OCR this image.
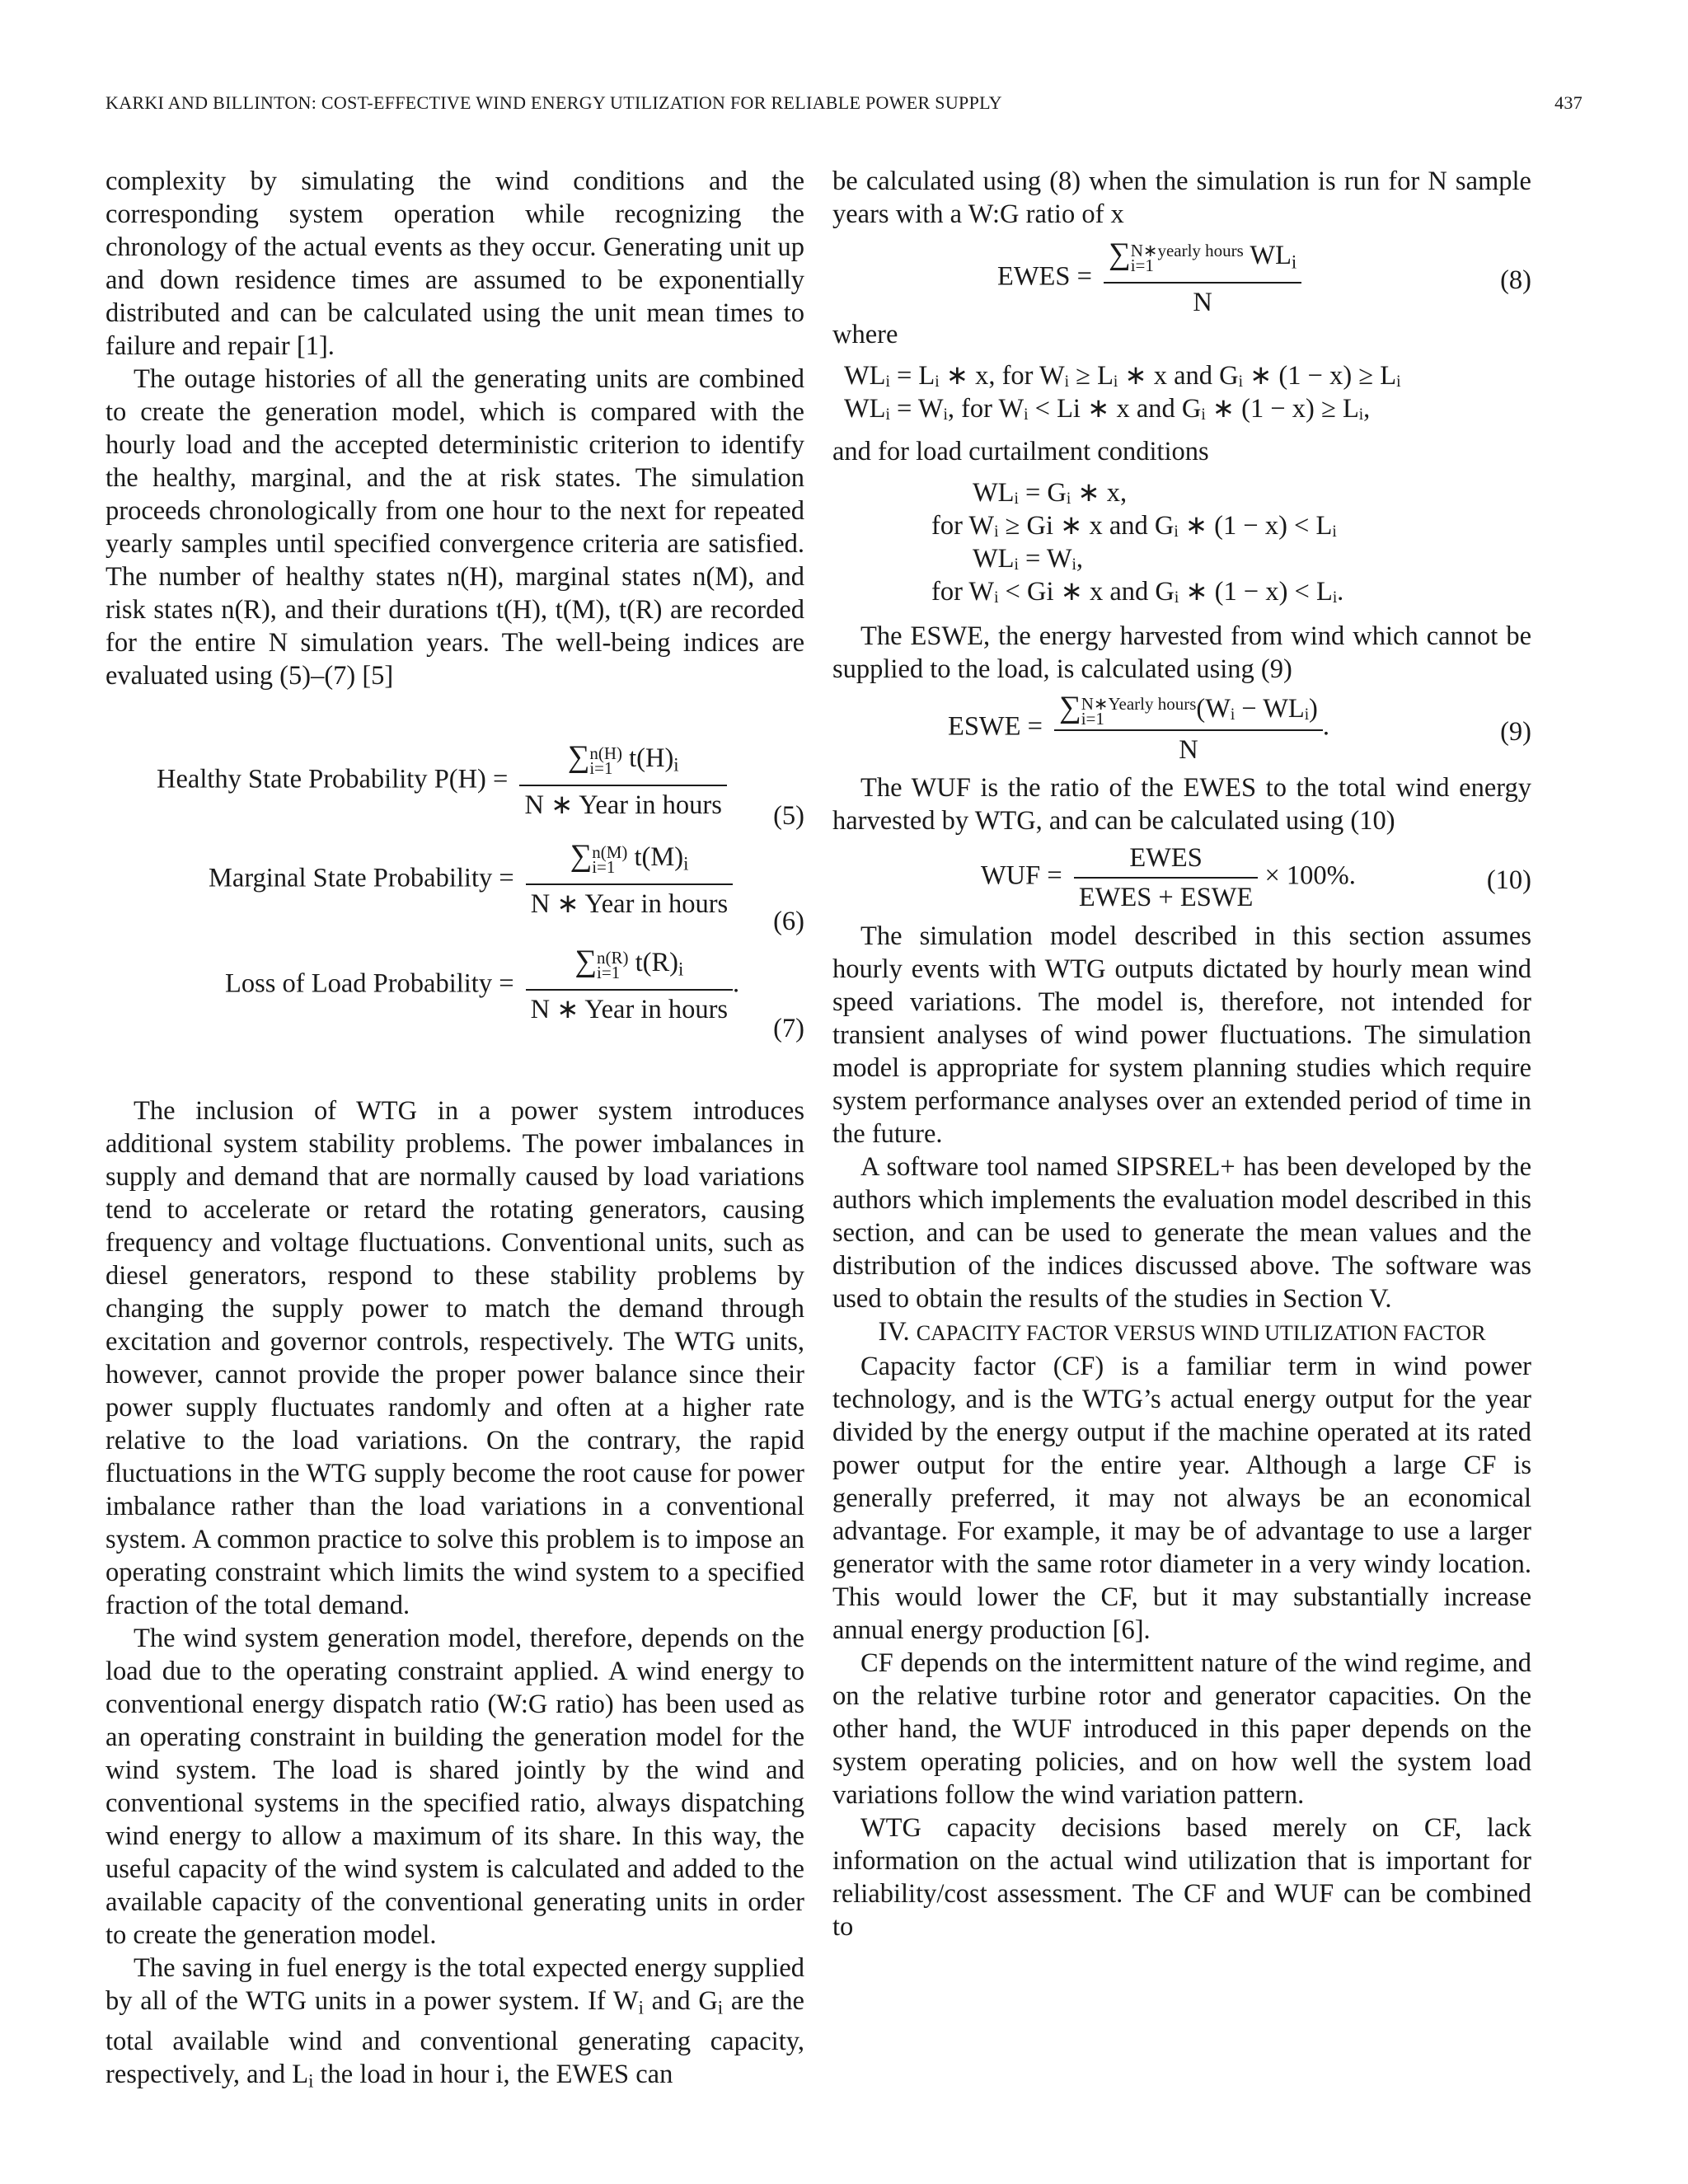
KARKI AND BILLINTON: COST-EFFECTIVE WIND ENERGY UTILIZATION FOR RELIABLE POWER SUPPLY	437

complexity by simulating the wind conditions and the corresponding system operation while recognizing the chronology of the actual events as they occur. Generating unit up and down residence times are assumed to be exponentially distributed and can be calculated using the unit mean times to failure and repair [1].

The outage histories of all the generating units are combined to create the generation model, which is compared with the hourly load and the accepted deterministic criterion to identify the healthy, marginal, and the at risk states. The simulation proceeds chronologically from one hour to the next for repeated yearly samples until specified convergence criteria are satisfied. The number of healthy states n(H), marginal states n(M), and risk states n(R), and their durations t(H), t(M), t(R) are recorded for the entire N simulation years. The well-being indices are evaluated using (5)–(7) [5]

Healthy State Probability P(H) = ∑ n(H)
i=1 $t(H)_i$
N ∗ Year in hours (5)
Marginal State Probability = ∑ n(M)
i=1 $t(M)_i$
N ∗ Year in hours
(6)
Loss of Load Probability = ∑ n(R)
i=1 $t(R)_i$
N ∗ Year in hours .
(7)

The inclusion of WTG in a power system introduces additional system stability problems. The power imbalances in supply and demand that are normally caused by load variations tend to accelerate or retard the rotating generators, causing frequency and voltage fluctuations. Conventional units, such as diesel generators, respond to these stability problems by changing the supply power to match the demand through excitation and governor controls, respectively. The WTG units, however, cannot provide the proper power balance since their power supply fluctuates randomly and often at a higher rate relative to the load variations. On the contrary, the rapid fluctuations in the WTG supply become the root cause for power imbalance rather than the load variations in a conventional system. A common practice to solve this problem is to impose an operating constraint which limits the wind system to a specified fraction of the total demand.

The wind system generation model, therefore, depends on the load due to the operating constraint applied. A wind energy to conventional energy dispatch ratio (W:G ratio) has been used as an operating constraint in building the generation model for the wind system. The load is shared jointly by the wind and conventional systems in the specified ratio, always dispatching wind energy to allow a maximum of its share. In this way, the useful capacity of the wind system is calculated and added to the available capacity of the conventional generating units in order to create the generation model.

The saving in fuel energy is the total expected energy supplied by all of the WTG units in a power system. If $W_i$ and $G_i$ are the total available wind and conventional generating capacity, respectively, and $L_i$ the load in hour i, the EWES can

be calculated using (8) when the simulation is run for N sample years with a W:G ratio of x

EWES = ∑ N∗yearly hours
i=1	$WL_i$
N	(8)

where

WLᵢ = Lᵢ ∗ x, for Wᵢ ≥ Lᵢ ∗ x and Gᵢ ∗ (1 − x) ≥ Lᵢ

WLᵢ = Wᵢ, for Wᵢ < Li ∗ x and Gᵢ ∗ (1 − x) ≥ Lᵢ,

and for load curtailment conditions

WLᵢ = Gᵢ ∗ x,

for Wᵢ ≥ Gi ∗ x and Gᵢ ∗ (1 − x) < Lᵢ

WLᵢ = Wᵢ,

for Wᵢ < Gi ∗ x and Gᵢ ∗ (1 − x) < Lᵢ.

The ESWE, the energy harvested from wind which cannot be supplied to the load, is calculated using (9)

ESWE = ∑ N∗Yearly hours
i=1	(Wᵢ − WLᵢ)
N .	(9)

The WUF is the ratio of the EWES to the total wind energy harvested by WTG, and can be calculated using (10)

WUF = $\frac{\text{EWES}}{\text{EWES + ESWE}} \times 100\%$.	(10)

The simulation model described in this section assumes hourly events with WTG outputs dictated by hourly mean wind speed variations. The model is, therefore, not intended for transient analyses of wind power fluctuations. The simulation model is appropriate for system planning studies which require system performance analyses over an extended period of time in the future.

A software tool named SIPSREL+ has been developed by the authors which implements the evaluation model described in this section, and can be used to generate the mean values and the distribution of the indices discussed above. The software was used to obtain the results of the studies in Section V.

IV. CAPACITY FACTOR VERSUS WIND UTILIZATION FACTOR

Capacity factor (CF) is a familiar term in wind power technology, and is the WTG’s actual energy output for the year divided by the energy output if the machine operated at its rated power output for the entire year. Although a large CF is generally preferred, it may not always be an economical advantage. For example, it may be of advantage to use a larger generator with the same rotor diameter in a very windy location. This would lower the CF, but it may substantially increase annual energy production [6].

CF depends on the intermittent nature of the wind regime, and on the relative turbine rotor and generator capacities. On the other hand, the WUF introduced in this paper depends on the system operating policies, and on how well the system load variations follow the wind variation pattern.

WTG capacity decisions based merely on CF, lack information on the actual wind utilization that is important for reliability/cost assessment. The CF and WUF can be combined to
